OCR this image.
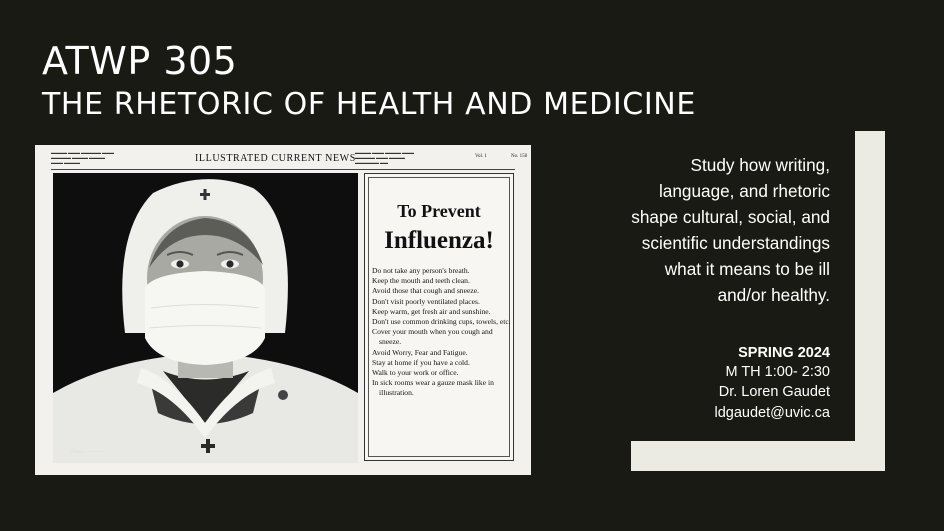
ATWP 305
THE RHETORIC OF HEALTH AND MEDICINE
▬▬▬▬ ▬▬▬ ▬▬▬▬▬ ▬▬▬
▬▬▬▬▬ ▬▬▬▬ ▬▬▬▬
▬▬▬ ▬▬▬▬	ILLUSTRATED CURRENT NEWS
▬▬▬▬ ▬▬▬ ▬▬▬▬ ▬▬▬
▬▬▬▬▬ ▬▬▬ ▬▬▬▬
▬▬▬▬▬▬ ▬▬
Vol. 1	No. 158
Photo. ~~~ ~~~~
To Prevent
Influenza!
Do not take any person's breath.
Keep the mouth and teeth clean.
Avoid those that cough and sneeze.
Don't visit poorly ventilated places.
Keep warm, get fresh air and sunshine.
Don't use common drinking cups, towels, etc.
Cover your mouth when you cough and sneeze.
Avoid Worry, Fear and Fatigue.
Stay at home if you have a cold.
Walk to your work or office.
In sick rooms wear a gauze mask like in illustration.
Study how writing,
language, and rhetoric
shape cultural, social, and
scientific understandings
what it means to be ill
and/or healthy.
SPRING 2024
M TH 1:00- 2:30
Dr. Loren Gaudet
ldgaudet@uvic.ca
